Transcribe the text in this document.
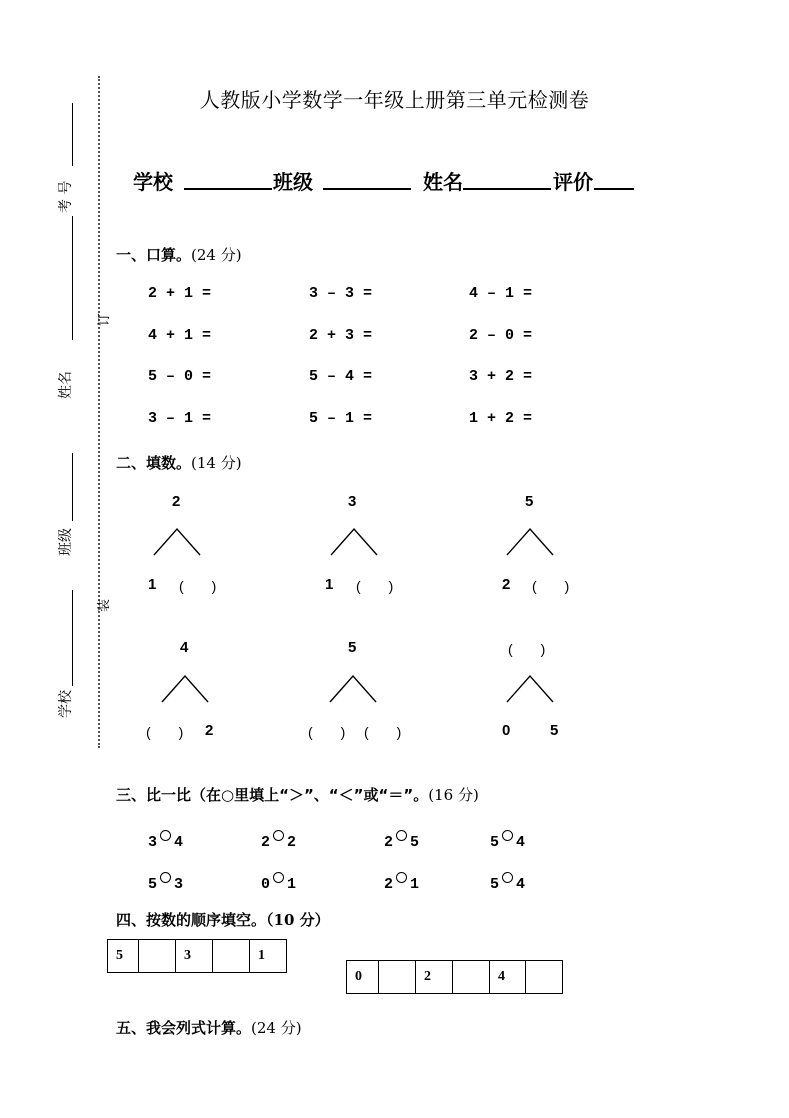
订
装
考 号
姓名
班级
学校
人教版小学数学一年级上册第三单元检测卷
学校	班级	姓名	评价
一、口算。(24 分)
2 + 1 =	3 – 3 =	4 – 1 =
4 + 1 =	2 + 3 =	2 – 0 =
5 – 0 =	5 – 4 =	3 + 2 =
3 – 1 =	5 – 1 =	1 + 2 =
二、填数。(14 分)
2
1 (　　)
3
1 (　　)
5
2 (　　)
4
(　　) 2
5
(　　) (　　)
(　　)
0	5
三、比一比（在○里填上“＞”、“＜”或“＝”。(16 分)
3 4	2 2	2 5	5 4
5 3	0 1	2 1	5 4
四、按数的顺序填空。（10 分）
5		3		1
0		2		4	
五、我会列式计算。(24 分)
